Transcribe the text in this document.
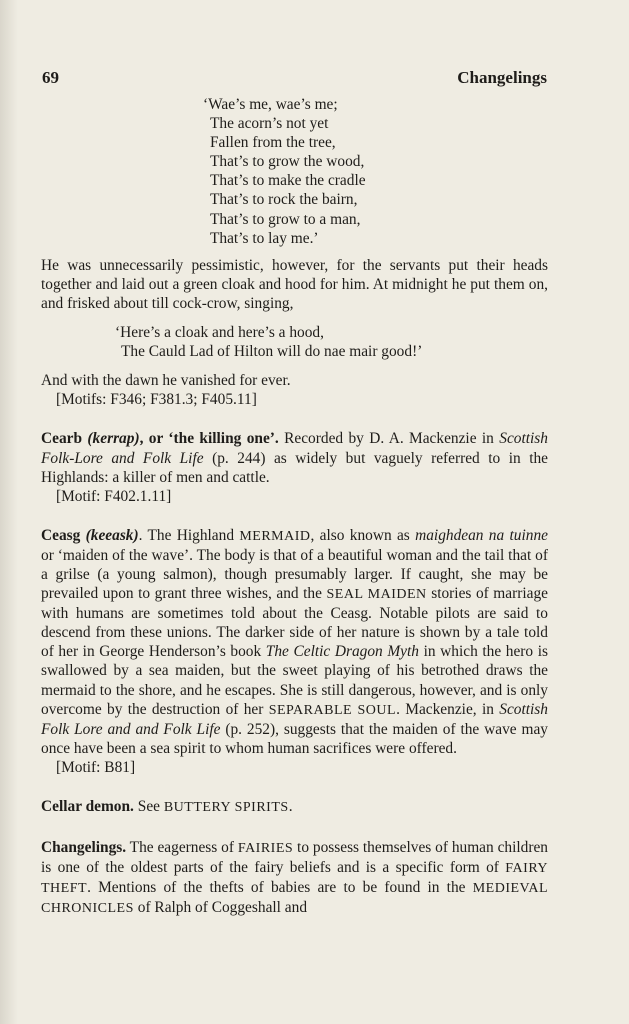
69	Changelings
‘Wae’s me, wae’s me;
The acorn’s not yet
Fallen from the tree,
That’s to grow the wood,
That’s to make the cradle
That’s to rock the bairn,
That’s to grow to a man,
That’s to lay me.’

He was unnecessarily pessimistic, however, for the servants put their heads together and laid out a green cloak and hood for him. At midnight he put them on, and frisked about till cock-crow, singing,

‘Here’s a cloak and here’s a hood,
The Cauld Lad of Hilton will do nae mair good!’

And with the dawn he vanished for ever.

[Motifs: F346; F381.3; F405.11]

Cearb (kerrap), or ‘the killing one’. Recorded by D. A. Mackenzie in Scottish Folk-Lore and Folk Life (p. 244) as widely but vaguely referred to in the Highlands: a killer of men and cattle.

[Motif: F402.1.11]

Ceasg (keeask). The Highland MERMAID, also known as maighdean na tuinne or ‘maiden of the wave’. The body is that of a beautiful woman and the tail that of a grilse (a young salmon), though presumably larger. If caught, she may be prevailed upon to grant three wishes, and the SEAL MAIDEN stories of marriage with humans are sometimes told about the Ceasg. Notable pilots are said to descend from these unions. The darker side of her nature is shown by a tale told of her in George Henderson’s book The Celtic Dragon Myth in which the hero is swallowed by a sea maiden, but the sweet playing of his betrothed draws the mermaid to the shore, and he escapes. She is still dangerous, however, and is only overcome by the destruction of her SEPARABLE SOUL. Mackenzie, in Scottish Folk Lore and and Folk Life (p. 252), suggests that the maiden of the wave may once have been a sea spirit to whom human sacrifices were offered.

[Motif: B81]

Cellar demon. See BUTTERY SPIRITS.

Changelings. The eagerness of FAIRIES to possess themselves of human children is one of the oldest parts of the fairy beliefs and is a specific form of FAIRY THEFT. Mentions of the thefts of babies are to be found in the MEDIEVAL CHRONICLES of Ralph of Coggeshall and
